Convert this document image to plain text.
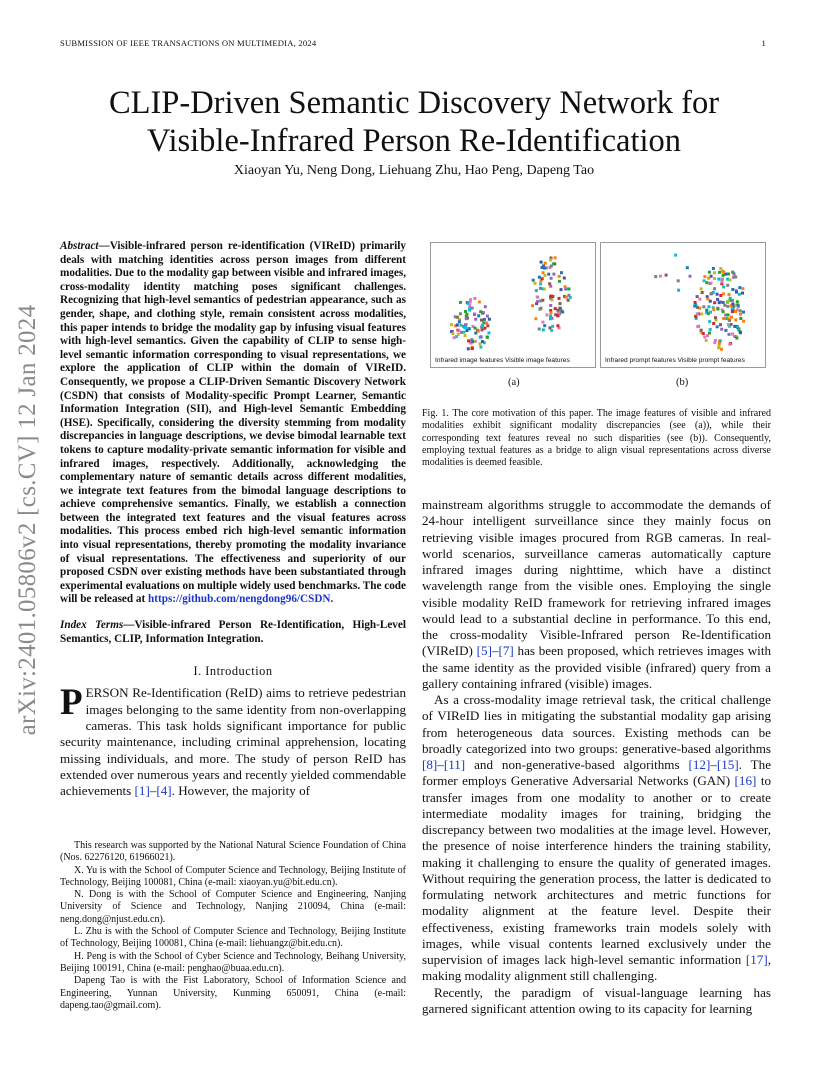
SUBMISSION OF IEEE TRANSACTIONS ON MULTIMEDIA, 2024	1
CLIP-Driven Semantic Discovery Network for
Visible-Infrared Person Re-Identification
Xiaoyan Yu, Neng Dong, Liehuang Zhu, Hao Peng, Dapeng Tao
arXiv:2401.05806v2 [cs.CV] 12 Jan 2024

Abstract—Visible-infrared person re-identification (VIReID) primarily deals with matching identities across person images from different modalities. Due to the modality gap between visible and infrared images, cross-modality identity matching poses significant challenges. Recognizing that high-level semantics of pedestrian appearance, such as gender, shape, and clothing style, remain consistent across modalities, this paper intends to bridge the modality gap by infusing visual features with high-level semantics. Given the capability of CLIP to sense high-level semantic information corresponding to visual representations, we explore the application of CLIP within the domain of VIReID. Consequently, we propose a CLIP-Driven Semantic Discovery Network (CSDN) that consists of Modality-specific Prompt Learner, Semantic Information Integration (SII), and High-level Semantic Embedding (HSE). Specifically, considering the diversity stemming from modality discrepancies in language descriptions, we devise bimodal learnable text tokens to capture modality-private semantic information for visible and infrared images, respectively. Additionally, acknowledging the complementary nature of semantic details across different modalities, we integrate text features from the bimodal language descriptions to achieve comprehensive semantics. Finally, we establish a connection between the integrated text features and the visual features across modalities. This process embed rich high-level semantic information into visual representations, thereby promoting the modality invariance of visual representations. The effectiveness and superiority of our proposed CSDN over existing methods have been substantiated through experimental evaluations on multiple widely used benchmarks. The code will be released at https://github.com/nengdong96/CSDN.

Index Terms—Visible-infrared Person Re-Identification, High-Level Semantics, CLIP, Information Integration.

I. Introduction

PERSON Re-Identification (ReID) aims to retrieve pedestrian images belonging to the same identity from non-overlapping cameras. This task holds significant importance for public security maintenance, including criminal apprehension, locating missing individuals, and more. The study of person ReID has extended over numerous years and recently yielded commendable achievements [1]–[4]. However, the majority of

This research was supported by the National Natural Science Foundation of China (Nos. 62276120, 61966021).

X. Yu is with the School of Computer Science and Technology, Beijing Institute of Technology, Beijing 100081, China (e-mail: xiaoyan.yu@bit.edu.cn).

N. Dong is with the School of Computer Science and Engineering, Nanjing University of Science and Technology, Nanjing 210094, China (e-mail: neng.dong@njust.edu.cn).

L. Zhu is with the School of Computer Science and Technology, Beijing Institute of Technology, Beijing 100081, China (e-mail: liehuangz@bit.edu.cn).

H. Peng is with the School of Cyber Science and Technology, Beihang University, Beijing 100191, China (e-mail: penghao@buaa.edu.cn).

Dapeng Tao is with the Fist Laboratory, School of Information Science and Engineering, Yunnan University, Kunming 650091, China (e-mail: dapeng.tao@gmail.com).

Infrared image features Visible image features	Infrared prompt features Visible prompt features
(a)	(b)
Fig. 1. The core motivation of this paper. The image features of visible and infrared modalities exhibit significant modality discrepancies (see (a)), while their corresponding text features reveal no such disparities (see (b)). Consequently, employing textual features as a bridge to align visual representations across diverse modalities is deemed feasible.

mainstream algorithms struggle to accommodate the demands of 24-hour intelligent surveillance since they mainly focus on retrieving visible images procured from RGB cameras. In real-world scenarios, surveillance cameras automatically capture infrared images during nighttime, which have a distinct wavelength range from the visible ones. Employing the single visible modality ReID framework for retrieving infrared images would lead to a substantial decline in performance. To this end, the cross-modality Visible-Infrared person Re-Identification (VIReID) [5]–[7] has been proposed, which retrieves images with the same identity as the provided visible (infrared) query from a gallery containing infrared (visible) images.

As a cross-modality image retrieval task, the critical challenge of VIReID lies in mitigating the substantial modality gap arising from heterogeneous data sources. Existing methods can be broadly categorized into two groups: generative-based algorithms [8]–[11] and non-generative-based algorithms [12]–[15]. The former employs Generative Adversarial Networks (GAN) [16] to transfer images from one modality to another or to create intermediate modality images for training, bridging the discrepancy between two modalities at the image level. However, the presence of noise interference hinders the training stability, making it challenging to ensure the quality of generated images. Without requiring the generation process, the latter is dedicated to formulating network architectures and metric functions for modality alignment at the feature level. Despite their effectiveness, existing frameworks train models solely with images, while visual contents learned exclusively under the supervision of images lack high-level semantic information [17], making modality alignment still challenging.

Recently, the paradigm of visual-language learning has garnered significant attention owing to its capacity for learning
